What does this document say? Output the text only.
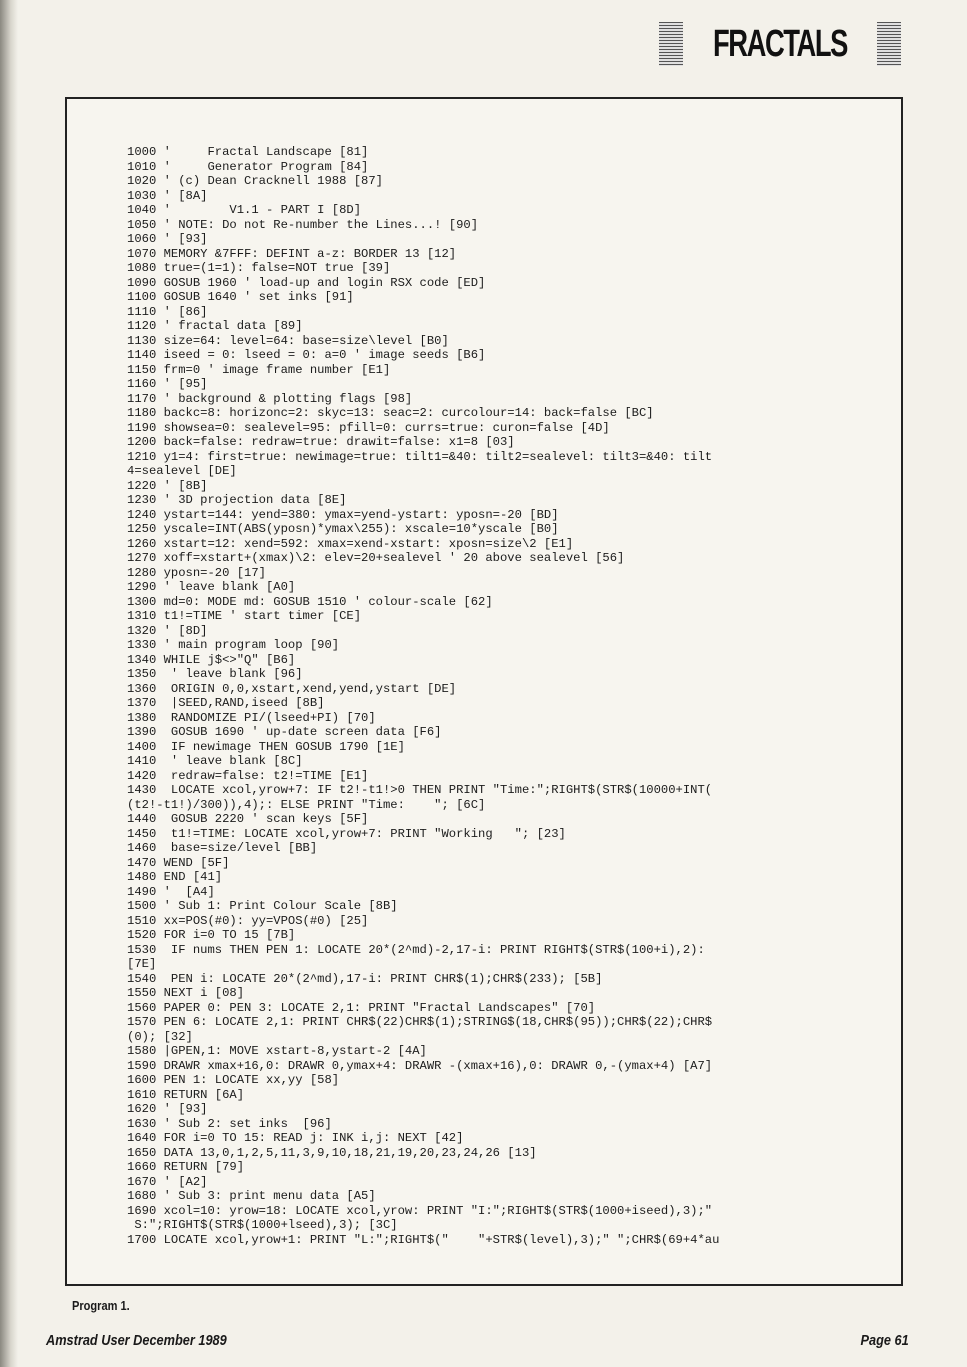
FRACTALS
1000 '     Fractal Landscape [81]
1010 '     Generator Program [84]
1020 ' (c) Dean Cracknell 1988 [87]
1030 ' [8A]
1040 '        V1.1 - PART I [8D]
1050 ' NOTE: Do not Re-number the Lines...! [90]
1060 ' [93]
1070 MEMORY &7FFF: DEFINT a-z: BORDER 13 [12]
1080 true=(1=1): false=NOT true [39]
1090 GOSUB 1960 ' load-up and login RSX code [ED]
1100 GOSUB 1640 ' set inks [91]
1110 ' [86]
1120 ' fractal data [89]
1130 size=64: level=64: base=size\level [B0]
1140 iseed = 0: lseed = 0: a=0 ' image seeds [B6]
1150 frm=0 ' image frame number [E1]
1160 ' [95]
1170 ' background & plotting flags [98]
1180 backc=8: horizonc=2: skyc=13: seac=2: curcolour=14: back=false [BC]
1190 showsea=0: sealevel=95: pfill=0: currs=true: curon=false [4D]
1200 back=false: redraw=true: drawit=false: x1=8 [03]
1210 y1=4: first=true: newimage=true: tilt1=&40: tilt2=sealevel: tilt3=&40: tilt
4=sealevel [DE]
1220 ' [8B]
1230 ' 3D projection data [8E]
1240 ystart=144: yend=380: ymax=yend-ystart: yposn=-20 [BD]
1250 yscale=INT(ABS(yposn)*ymax\255): xscale=10*yscale [B0]
1260 xstart=12: xend=592: xmax=xend-xstart: xposn=size\2 [E1]
1270 xoff=xstart+(xmax)\2: elev=20+sealevel ' 20 above sealevel [56]
1280 yposn=-20 [17]
1290 ' leave blank [A0]
1300 md=0: MODE md: GOSUB 1510 ' colour-scale [62]
1310 t1!=TIME ' start timer [CE]
1320 ' [8D]
1330 ' main program loop [90]
1340 WHILE j$<>"Q" [B6]
1350  ' leave blank [96]
1360  ORIGIN 0,0,xstart,xend,yend,ystart [DE]
1370  |SEED,RAND,iseed [8B]
1380  RANDOMIZE PI/(lseed+PI) [70]
1390  GOSUB 1690 ' up-date screen data [F6]
1400  IF newimage THEN GOSUB 1790 [1E]
1410  ' leave blank [8C]
1420  redraw=false: t2!=TIME [E1]
1430  LOCATE xcol,yrow+7: IF t2!-t1!>0 THEN PRINT "Time:";RIGHT$(STR$(10000+INT(
(t2!-t1!)/300)),4);: ELSE PRINT "Time:    "; [6C]
1440  GOSUB 2220 ' scan keys [5F]
1450  t1!=TIME: LOCATE xcol,yrow+7: PRINT "Working   "; [23]
1460  base=size/level [BB]
1470 WEND [5F]
1480 END [41]
1490 '  [A4]
1500 ' Sub 1: Print Colour Scale [8B]
1510 xx=POS(#0): yy=VPOS(#0) [25]
1520 FOR i=0 TO 15 [7B]
1530  IF nums THEN PEN 1: LOCATE 20*(2^md)-2,17-i: PRINT RIGHT$(STR$(100+i),2):
[7E]
1540  PEN i: LOCATE 20*(2^md),17-i: PRINT CHR$(1);CHR$(233); [5B]
1550 NEXT i [08]
1560 PAPER 0: PEN 3: LOCATE 2,1: PRINT "Fractal Landscapes" [70]
1570 PEN 6: LOCATE 2,1: PRINT CHR$(22)CHR$(1);STRING$(18,CHR$(95));CHR$(22);CHR$
(0); [32]
1580 |GPEN,1: MOVE xstart-8,ystart-2 [4A]
1590 DRAWR xmax+16,0: DRAWR 0,ymax+4: DRAWR -(xmax+16),0: DRAWR 0,-(ymax+4) [A7]
1600 PEN 1: LOCATE xx,yy [58]
1610 RETURN [6A]
1620 ' [93]
1630 ' Sub 2: set inks  [96]
1640 FOR i=0 TO 15: READ j: INK i,j: NEXT [42]
1650 DATA 13,0,1,2,5,11,3,9,10,18,21,19,20,23,24,26 [13]
1660 RETURN [79]
1670 ' [A2]
1680 ' Sub 3: print menu data [A5]
1690 xcol=10: yrow=18: LOCATE xcol,yrow: PRINT "I:";RIGHT$(STR$(1000+iseed),3);"
S:";RIGHT$(STR$(1000+lseed),3); [3C]
1700 LOCATE xcol,yrow+1: PRINT "L:";RIGHT$("    "+STR$(level),3);" ";CHR$(69+4*au
Program 1.
Amstrad User December 1989	Page 61
